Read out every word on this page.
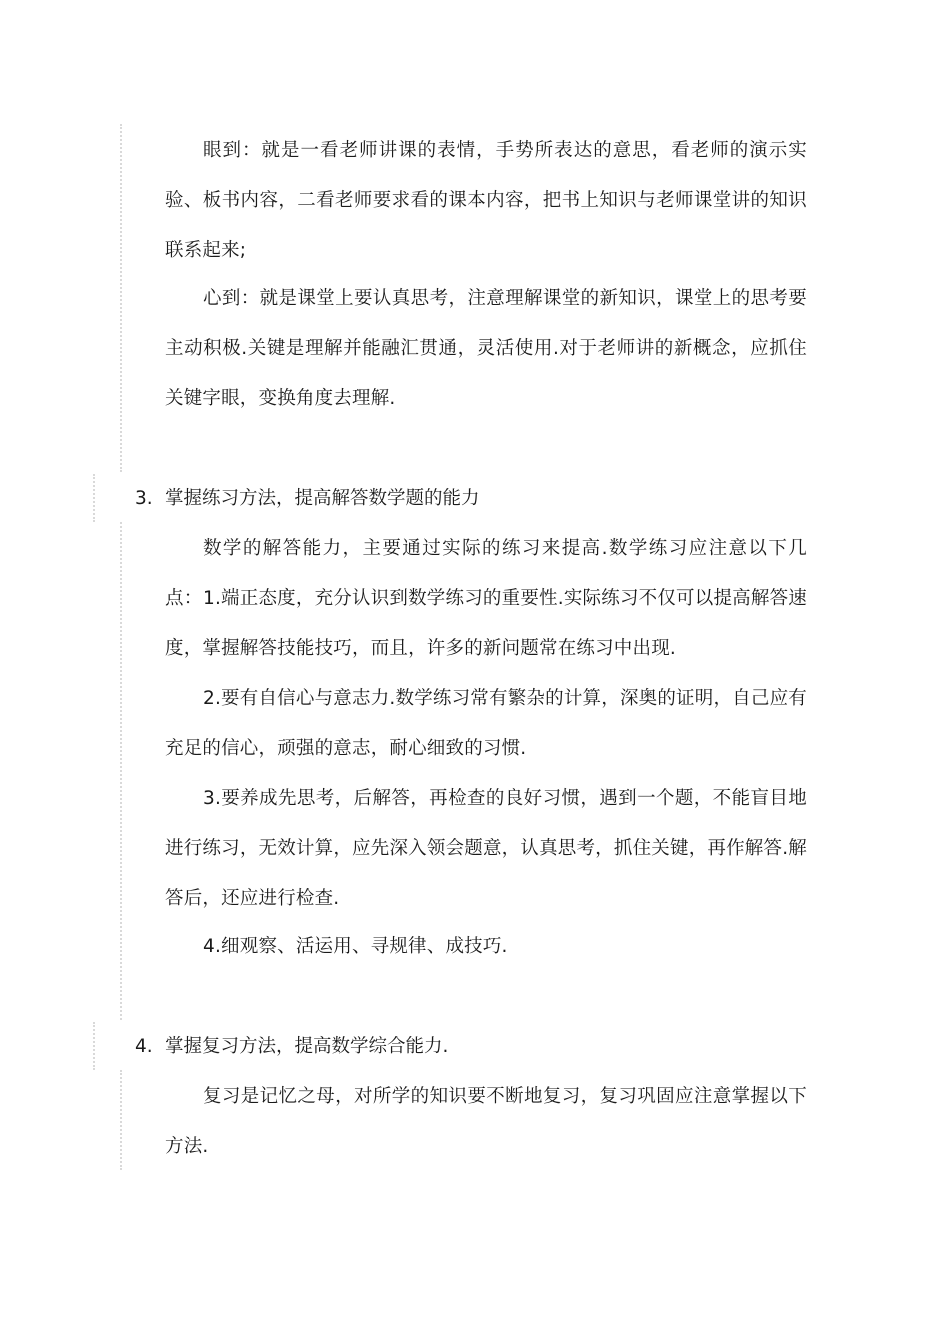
眼到：就是一看老师讲课的表情，手势所表达的意思，看老师的演示实验、板书内容，二看老师要求看的课本内容，把书上知识与老师课堂讲的知识联系起来;

心到：就是课堂上要认真思考，注意理解课堂的新知识，课堂上的思考要主动积极.关键是理解并能融汇贯通，灵活使用.对于老师讲的新概念，应抓住关键字眼，变换角度去理解.

3. 掌握练习方法，提高解答数学题的能力

数学的解答能力，主要通过实际的练习来提高.数学练习应注意以下几点： 1.端正态度，充分认识到数学练习的重要性.实际练习不仅可以提高解答速度，掌握解答技能技巧，而且，许多的新问题常在练习中出现.

2.要有自信心与意志力.数学练习常有繁杂的计算，深奥的证明，自己应有充足的信心，顽强的意志，耐心细致的习惯.

3.要养成先思考，后解答，再检查的良好习惯，遇到一个题，不能盲目地进行练习，无效计算，应先深入领会题意，认真思考，抓住关键，再作解答.解答后，还应进行检查.

4.细观察、活运用、寻规律、成技巧.

4. 掌握复习方法，提高数学综合能力.

复习是记忆之母，对所学的知识要不断地复习，复习巩固应注意掌握以下方法.
